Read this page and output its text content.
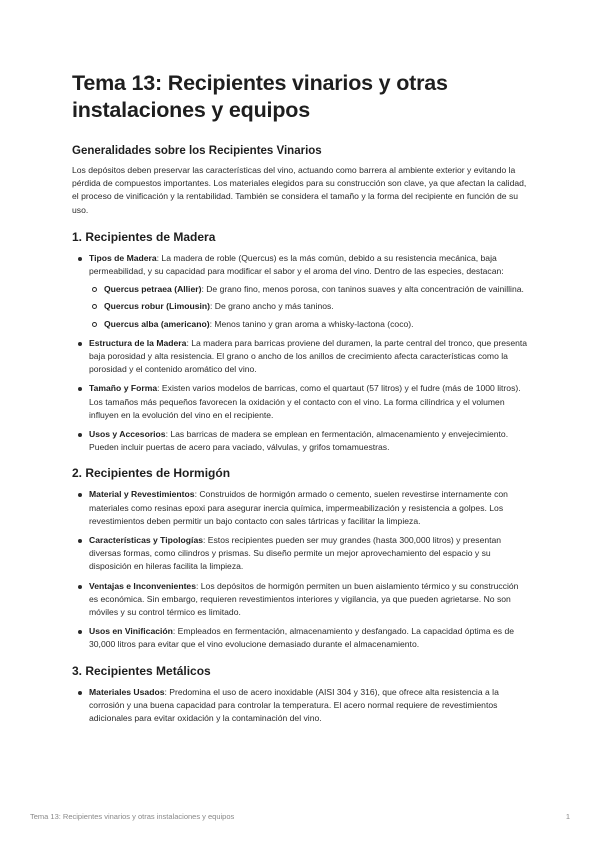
Tema 13: Recipientes vinarios y otras instalaciones y equipos
Generalidades sobre los Recipientes Vinarios

Los depósitos deben preservar las características del vino, actuando como barrera al ambiente exterior y evitando la pérdida de compuestos importantes. Los materiales elegidos para su construcción son clave, ya que afectan la calidad, el proceso de vinificación y la rentabilidad. También se considera el tamaño y la forma del recipiente en función de su uso.

1. Recipientes de Madera
Tipos de Madera: La madera de roble (Quercus) es la más común, debido a su resistencia mecánica, baja permeabilidad, y su capacidad para modificar el sabor y el aroma del vino. Dentro de las especies, destacan:
Quercus petraea (Allier): De grano fino, menos porosa, con taninos suaves y alta concentración de vainillina.
Quercus robur (Limousin): De grano ancho y más taninos.
Quercus alba (americano): Menos tanino y gran aroma a whisky-lactona (coco).
Estructura de la Madera: La madera para barricas proviene del duramen, la parte central del tronco, que presenta baja porosidad y alta resistencia. El grano o ancho de los anillos de crecimiento afecta características como la porosidad y el contenido aromático del vino.
Tamaño y Forma: Existen varios modelos de barricas, como el quartaut (57 litros) y el fudre (más de 1000 litros). Los tamaños más pequeños favorecen la oxidación y el contacto con el vino. La forma cilíndrica y el volumen influyen en la evolución del vino en el recipiente.
Usos y Accesorios: Las barricas de madera se emplean en fermentación, almacenamiento y envejecimiento. Pueden incluir puertas de acero para vaciado, válvulas, y grifos tomamuestras.
2. Recipientes de Hormigón
Material y Revestimientos: Construidos de hormigón armado o cemento, suelen revestirse internamente con materiales como resinas epoxi para asegurar inercia química, impermeabilización y resistencia a golpes. Los revestimientos deben permitir un bajo contacto con sales tártricas y facilitar la limpieza.
Características y Tipologías: Estos recipientes pueden ser muy grandes (hasta 300,000 litros) y presentan diversas formas, como cilindros y prismas. Su diseño permite un mejor aprovechamiento del espacio y su disposición en hileras facilita la limpieza.
Ventajas e Inconvenientes: Los depósitos de hormigón permiten un buen aislamiento térmico y su construcción es económica. Sin embargo, requieren revestimientos interiores y vigilancia, ya que pueden agrietarse. No son móviles y su control térmico es limitado.
Usos en Vinificación: Empleados en fermentación, almacenamiento y desfangado. La capacidad óptima es de 30,000 litros para evitar que el vino evolucione demasiado durante el almacenamiento.
3. Recipientes Metálicos
Materiales Usados: Predomina el uso de acero inoxidable (AISI 304 y 316), que ofrece alta resistencia a la corrosión y una buena capacidad para controlar la temperatura. El acero normal requiere de revestimientos adicionales para evitar oxidación y la contaminación del vino.
Tema 13: Recipientes vinarios y otras instalaciones y equipos	1
